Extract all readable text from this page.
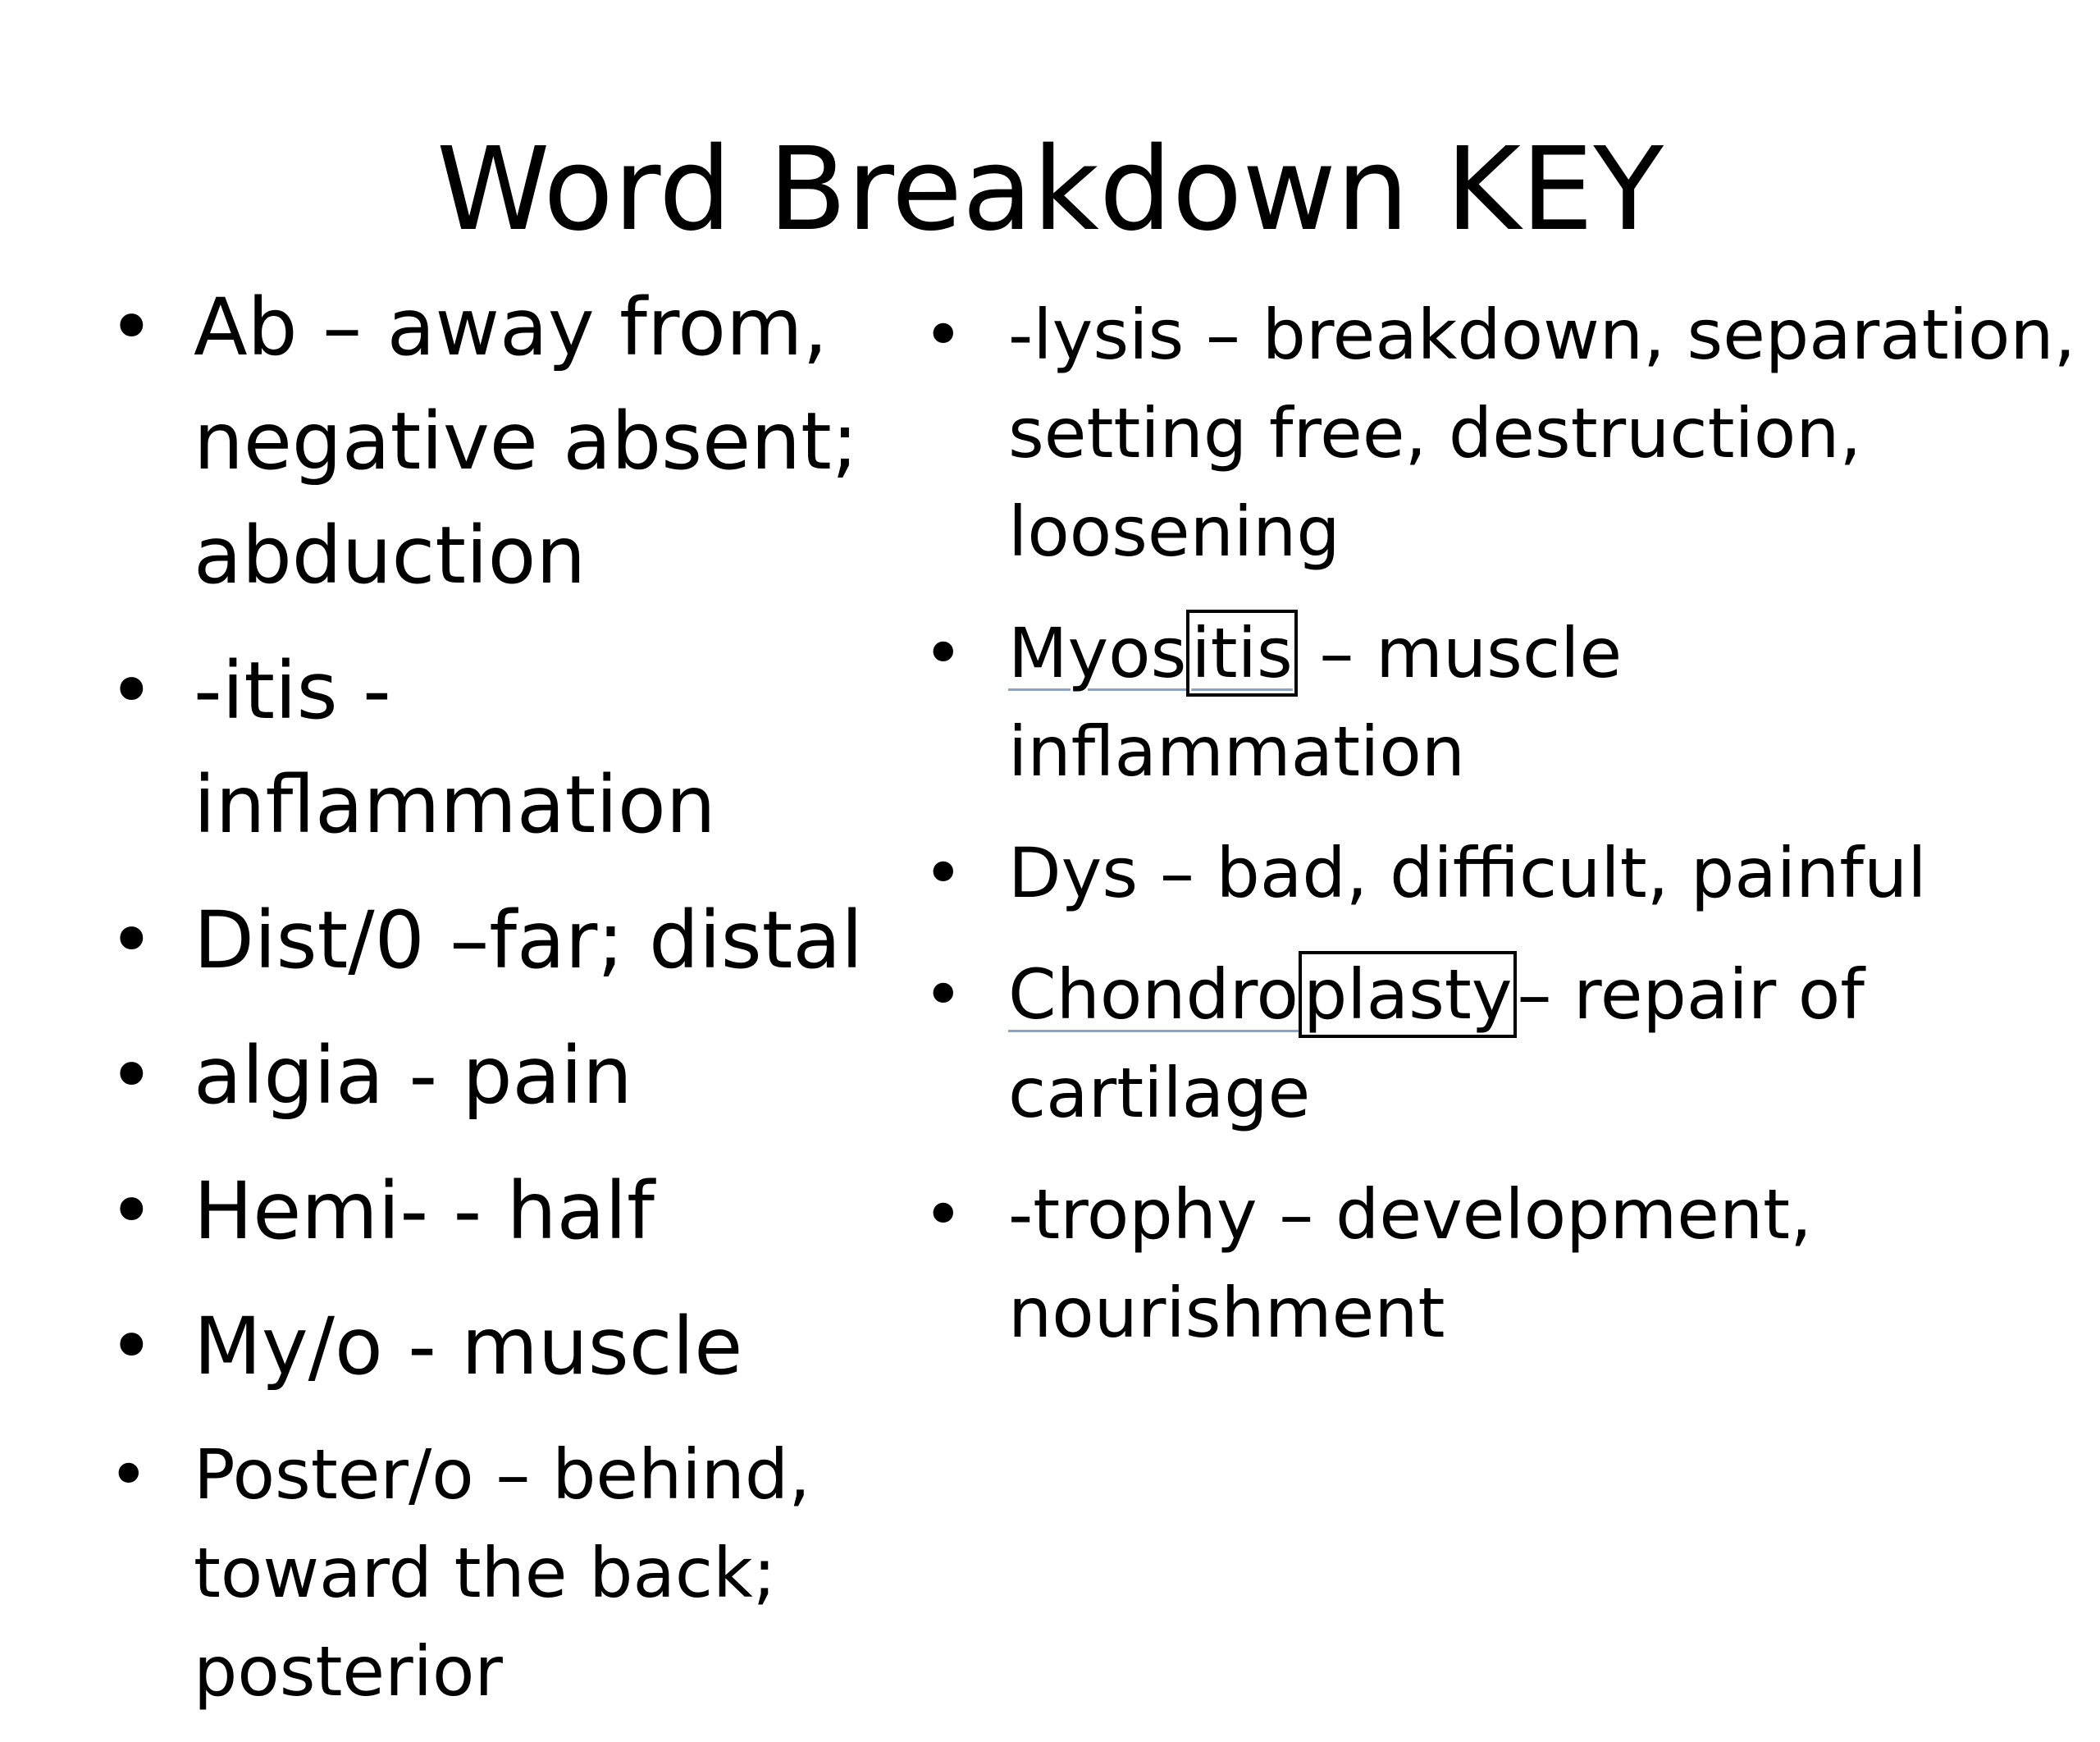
Word Breakdown KEY
• Ab – away from, negative absent; abduction
• -itis - inflammation
• Dist/0 –far; distal
• algia - pain
• Hemi- - half
• My/o - muscle
• Poster/o – behind, toward the back; posterior
• -lysis – breakdown, separation, setting free, destruction, loosening
• Myositis – muscle inflammation
• Dys – bad, difficult, painful
• Chondroplasty– repair of cartilage
• -trophy – development, nourishment
